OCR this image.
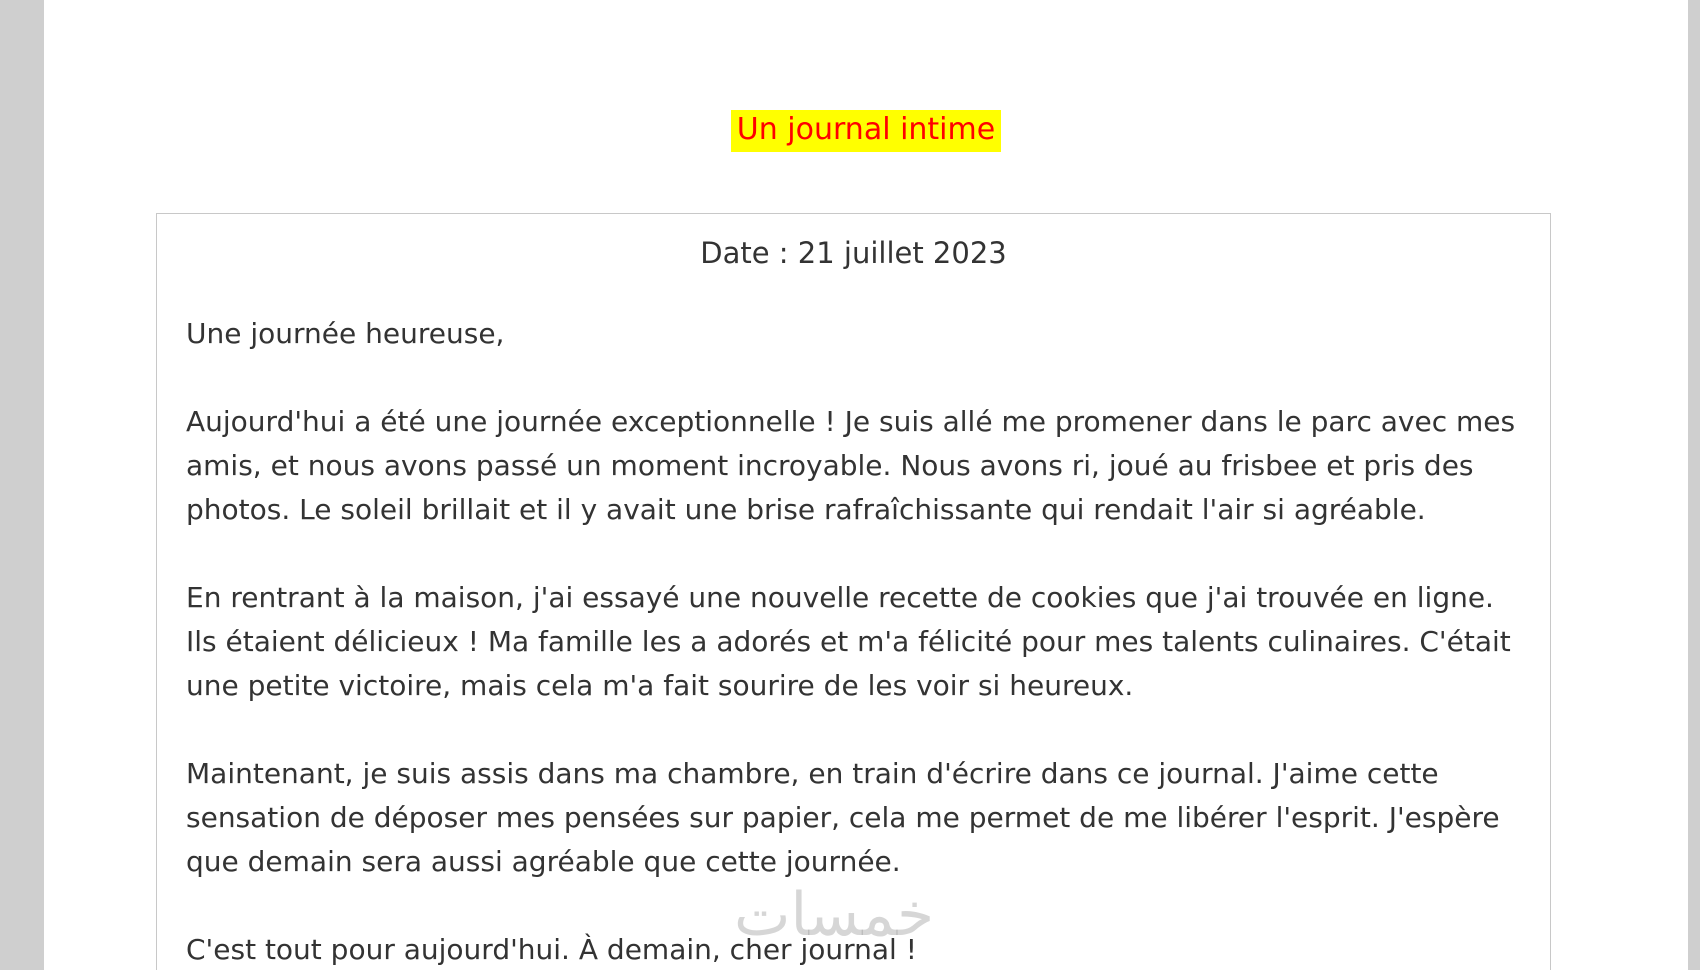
Un journal intime
Date : 21 juillet 2023

Une journée heureuse,

Aujourd'hui a été une journée exceptionnelle ! Je suis allé me promener dans le parc avec mes amis, et nous avons passé un moment incroyable. Nous avons ri, joué au frisbee et pris des photos. Le soleil brillait et il y avait une brise rafraîchissante qui rendait l'air si agréable.

En rentrant à la maison, j'ai essayé une nouvelle recette de cookies que j'ai trouvée en ligne. Ils étaient délicieux ! Ma famille les a adorés et m'a félicité pour mes talents culinaires. C'était une petite victoire, mais cela m'a fait sourire de les voir si heureux.

Maintenant, je suis assis dans ma chambre, en train d'écrire dans ce journal. J'aime cette sensation de déposer mes pensées sur papier, cela me permet de me libérer l'esprit. J'espère que demain sera aussi agréable que cette journée.

C'est tout pour aujourd'hui. À demain, cher journal !

خمسات
